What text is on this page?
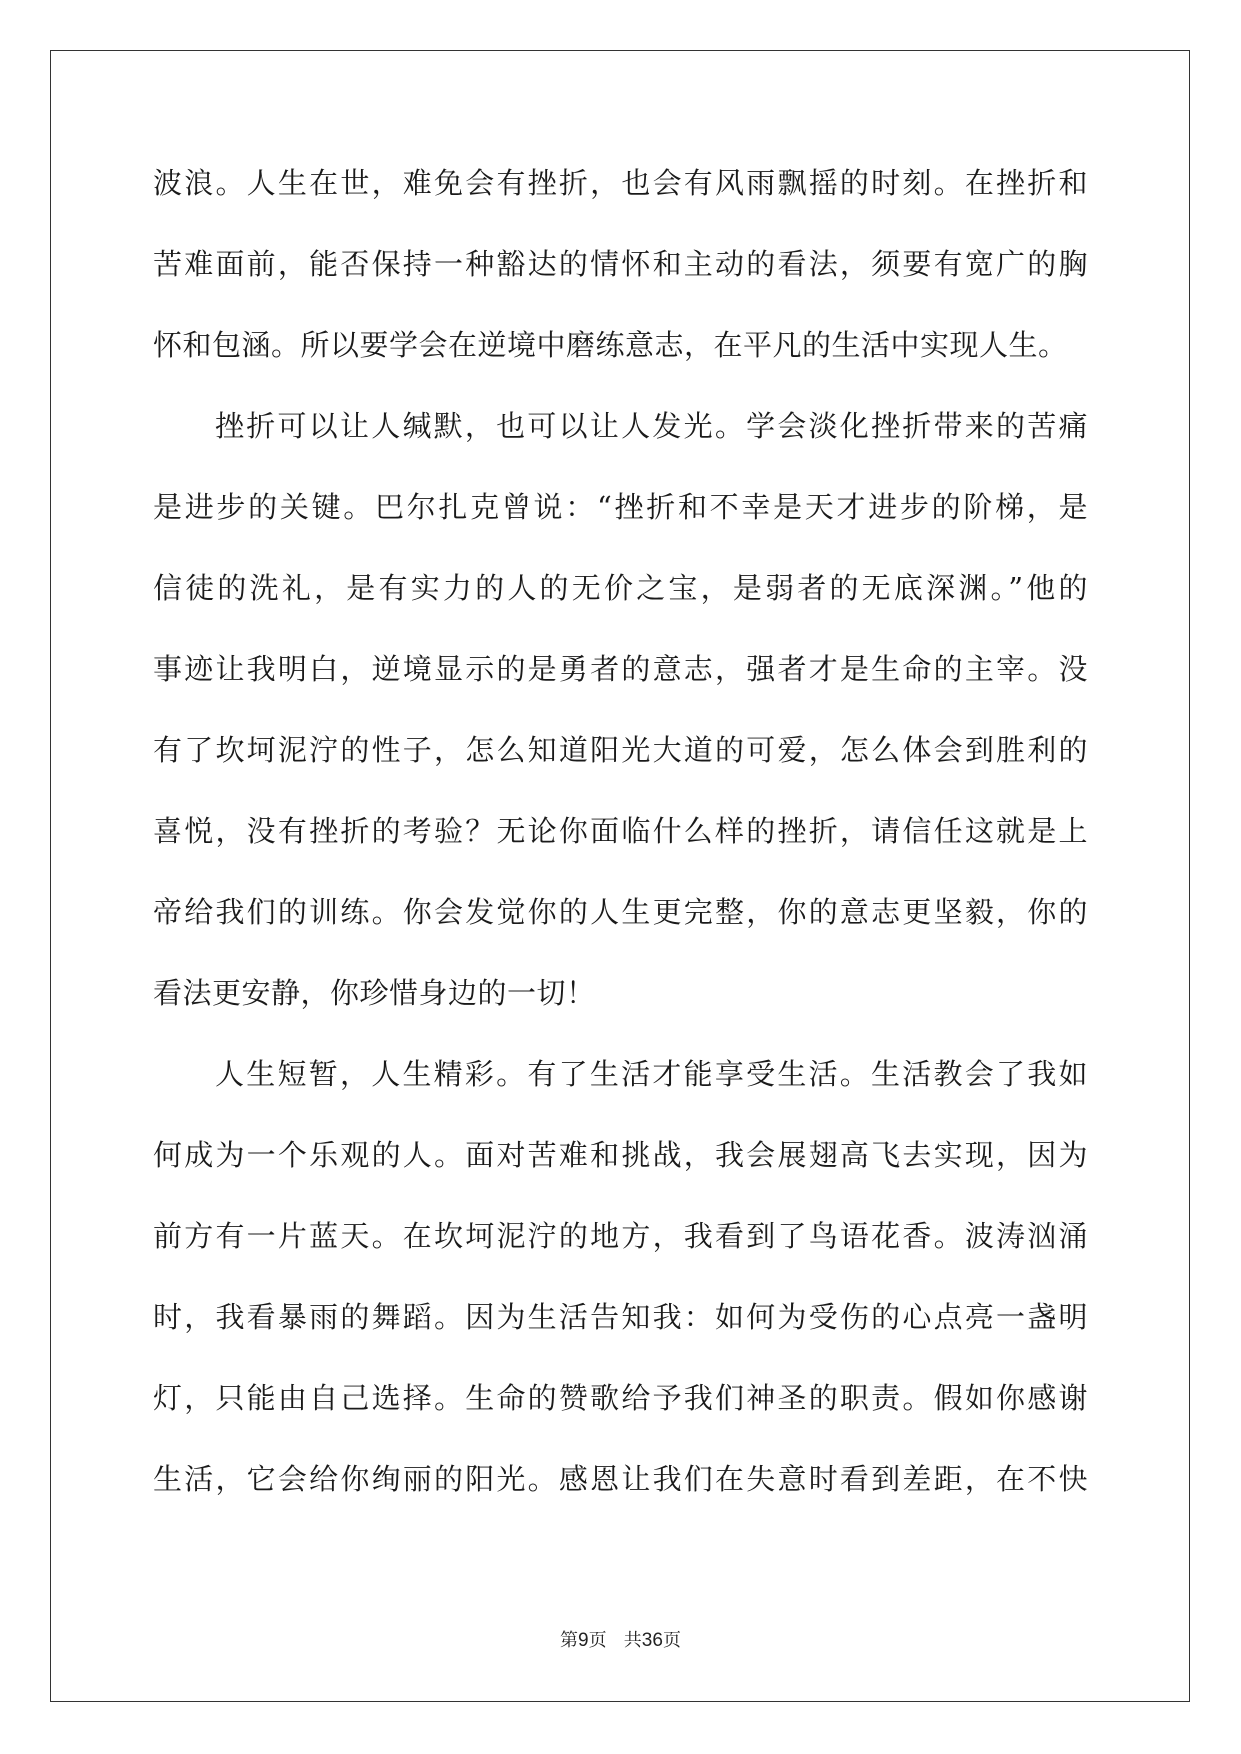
波浪。人生在世，难免会有挫折，也会有风雨飘摇的时刻。在挫折和
苦难面前，能否保持一种豁达的情怀和主动的看法，须要有宽广的胸
怀和包涵。所以要学会在逆境中磨练意志，在平凡的生活中实现人生。
挫折可以让人缄默，也可以让人发光。学会淡化挫折带来的苦痛
是进步的关键。巴尔扎克曾说：“挫折和不幸是天才进步的阶梯，是
信徒的洗礼，是有实力的人的无价之宝，是弱者的无底深渊。”他的
事迹让我明白，逆境显示的是勇者的意志，强者才是生命的主宰。没
有了坎坷泥泞的性子，怎么知道阳光大道的可爱，怎么体会到胜利的
喜悦，没有挫折的考验？无论你面临什么样的挫折，请信任这就是上
帝给我们的训练。你会发觉你的人生更完整，你的意志更坚毅，你的
看法更安静，你珍惜身边的一切！
人生短暂，人生精彩。有了生活才能享受生活。生活教会了我如
何成为一个乐观的人。面对苦难和挑战，我会展翅高飞去实现，因为
前方有一片蓝天。在坎坷泥泞的地方，我看到了鸟语花香。波涛汹涌
时，我看暴雨的舞蹈。因为生活告知我：如何为受伤的心点亮一盏明
灯，只能由自己选择。生命的赞歌给予我们神圣的职责。假如你感谢
生活，它会给你绚丽的阳光。感恩让我们在失意时看到差距，在不快
第9页 共36页
